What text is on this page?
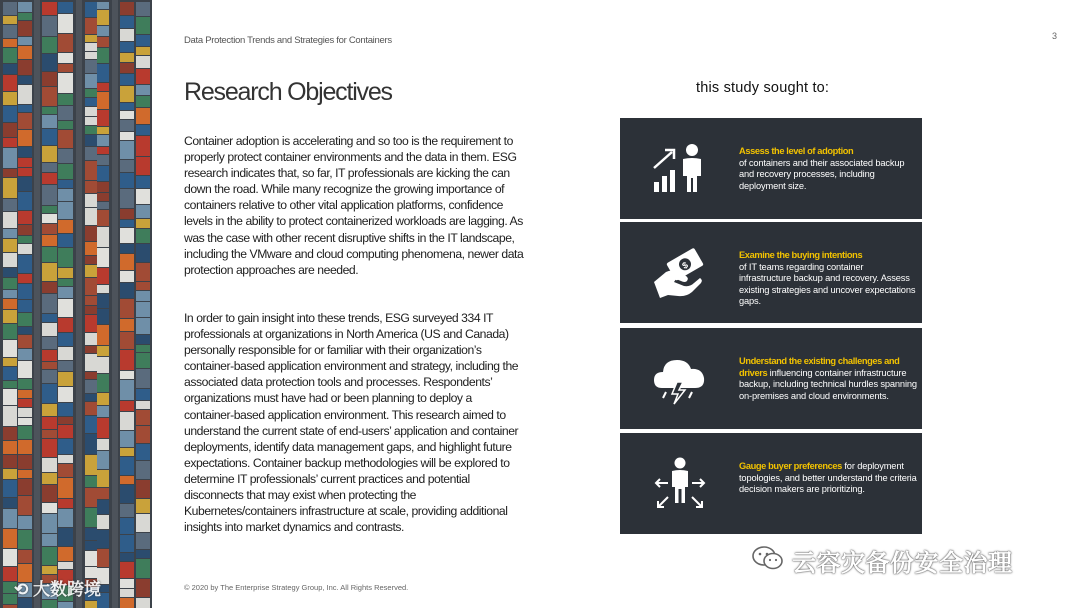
⟲ 大数跨境
Data Protection Trends and Strategies for Containers	3
Research Objectives

Container adoption is accelerating and so too is the requirement to properly protect container environments and the data in them. ESG research indicates that, so far, IT professionals are kicking the can down the road. While many recognize the growing importance of containers relative to other vital application platforms, confidence levels in the ability to protect containerized workloads are lagging. As was the case with other recent disruptive shifts in the IT landscape, including the VMware and cloud computing phenomena, newer data protection approaches are needed.

In order to gain insight into these trends, ESG surveyed 334 IT professionals at organizations in North America (US and Canada) personally responsible for or familiar with their organization’s container-based application environment and strategy, including the associated data protection tools and processes. Respondents’ organizations must have had or been planning to deploy a container-based application environment. This research aimed to understand the current state of end-users’ application and container deployments, identify data management gaps, and highlight future expectations. Container backup methodologies will be explored to determine IT professionals’ current practices and potential disconnects that may exist when protecting the Kubernetes/containers infrastructure at scale, providing additional insights into market dynamics and contrasts.

© 2020 by The Enterprise Strategy Group, Inc. All Rights Reserved.
this study sought to:
Assess the level of adoption
of containers and their associated backup and recovery processes, including deployment size.
$
Examine the buying intentions
of IT teams regarding container infrastructure backup and recovery. Assess existing strategies and uncover expectations gaps.
Understand the existing challenges and drivers influencing container infrastructure backup, including technical hurdles spanning on-premises and cloud environments.
Gauge buyer preferences for deployment topologies, and better understand the criteria decision makers are prioritizing.
云容灾备份安全治理
